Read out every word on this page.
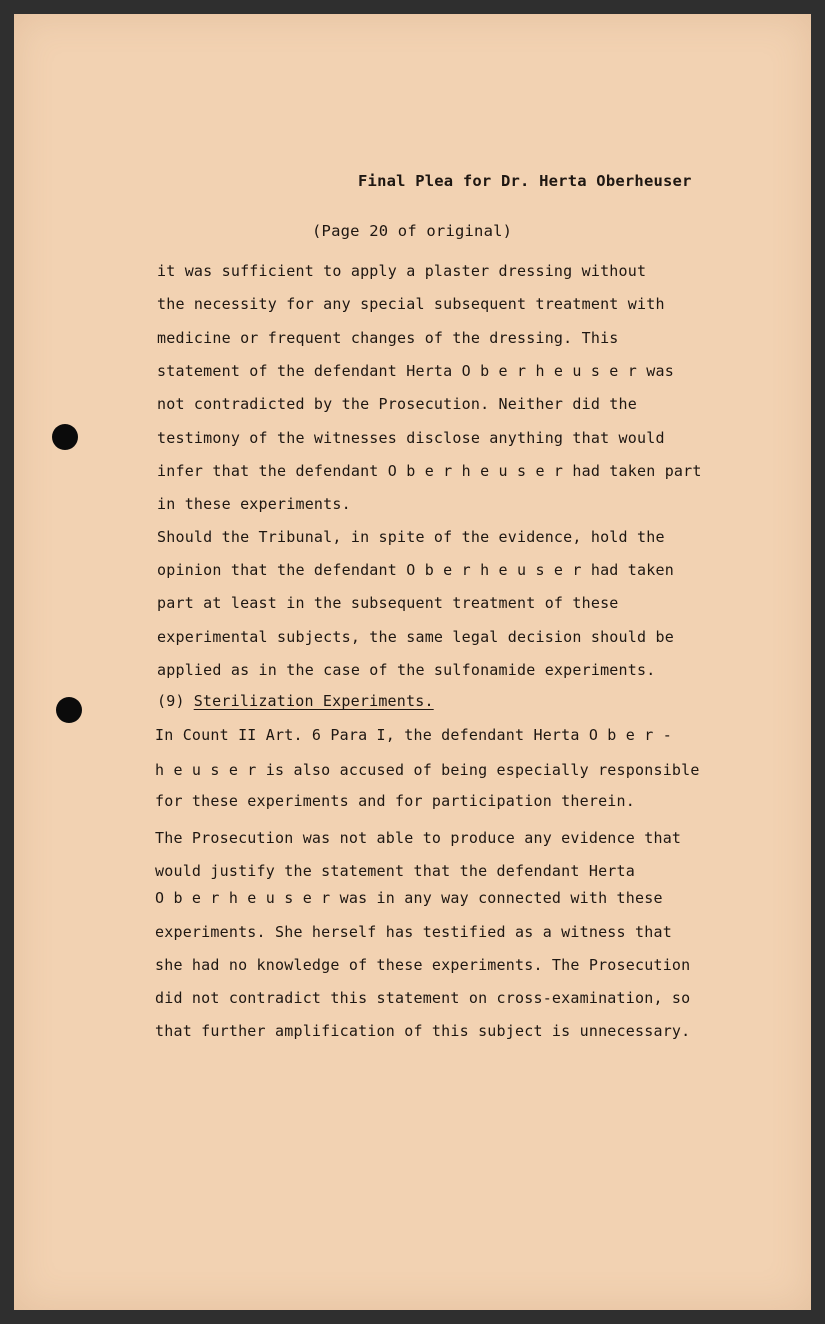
Final Plea for Dr. Herta Oberheuser
(Page 20 of original)
it was sufficient to apply a plaster dressing without
the necessity for any special subsequent treatment with
medicine or frequent changes of the dressing. This
statement of the defendant Herta O b e r h e u s e r was
not contradicted by the Prosecution. Neither did the
testimony of the witnesses disclose anything that would
infer that the defendant O b e r h e u s e r had taken part
in these experiments.
Should the Tribunal, in spite of the evidence, hold the
opinion that the defendant O b e r h e u s e r had taken
part at least in the subsequent treatment of these
experimental subjects, the same legal decision should be
applied as in the case of the sulfonamide experiments.
(9) Sterilization Experiments.
In Count II Art. 6 Para I, the defendant Herta O b e r -
h e u s e r is also accused of being especially responsible
for these experiments and for participation therein.
The Prosecution was not able to produce any evidence that
would justify the statement that the defendant Herta
O b e r h e u s e r was in any way connected with these
experiments. She herself has testified as a witness that
she had no knowledge of these experiments. The Prosecution
did not contradict this statement on cross-examination, so
that further amplification of this subject is unnecessary.
